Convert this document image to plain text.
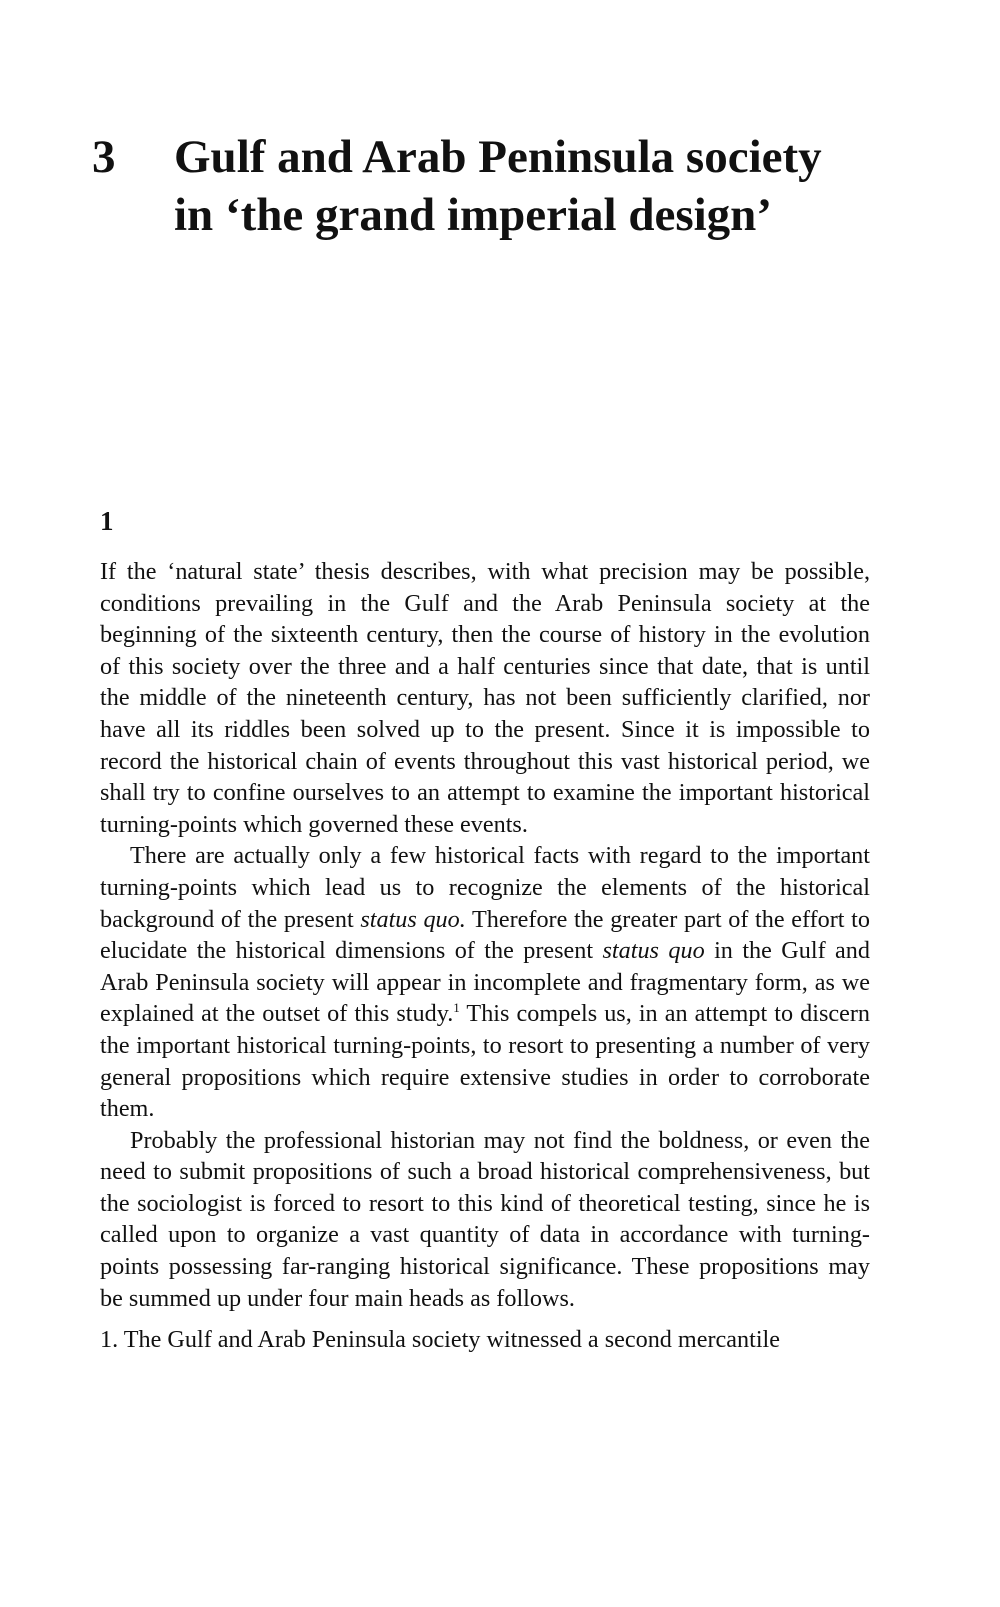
3 Gulf and Arab Peninsula society
in ‘the grand imperial design’
1

If the ‘natural state’ thesis describes, with what precision may be possible, conditions prevailing in the Gulf and the Arab Peninsula society at the beginning of the sixteenth century, then the course of history in the evolution of this society over the three and a half centuries since that date, that is until the middle of the nineteenth century, has not been sufficiently clarified, nor have all its riddles been solved up to the present. Since it is impossible to record the historical chain of events throughout this vast historical period, we shall try to confine ourselves to an attempt to examine the important historical turning-points which governed these events.

There are actually only a few historical facts with regard to the important turning-points which lead us to recognize the elements of the historical background of the present status quo. Therefore the greater part of the effort to elucidate the historical dimensions of the present status quo in the Gulf and Arab Peninsula society will appear in incomplete and fragmentary form, as we explained at the outset of this study.$^1$ This compels us, in an attempt to discern the important historical turning-points, to resort to presenting a number of very general propositions which require extensive studies in order to corroborate them.

Probably the professional historian may not find the boldness, or even the need to submit propositions of such a broad historical comprehensiveness, but the sociologist is forced to resort to this kind of theoretical testing, since he is called upon to organize a vast quantity of data in accordance with turning-points possessing far-ranging historical significance. These propositions may be summed up under four main heads as follows.

1. The Gulf and Arab Peninsula society witnessed a second mercantile
